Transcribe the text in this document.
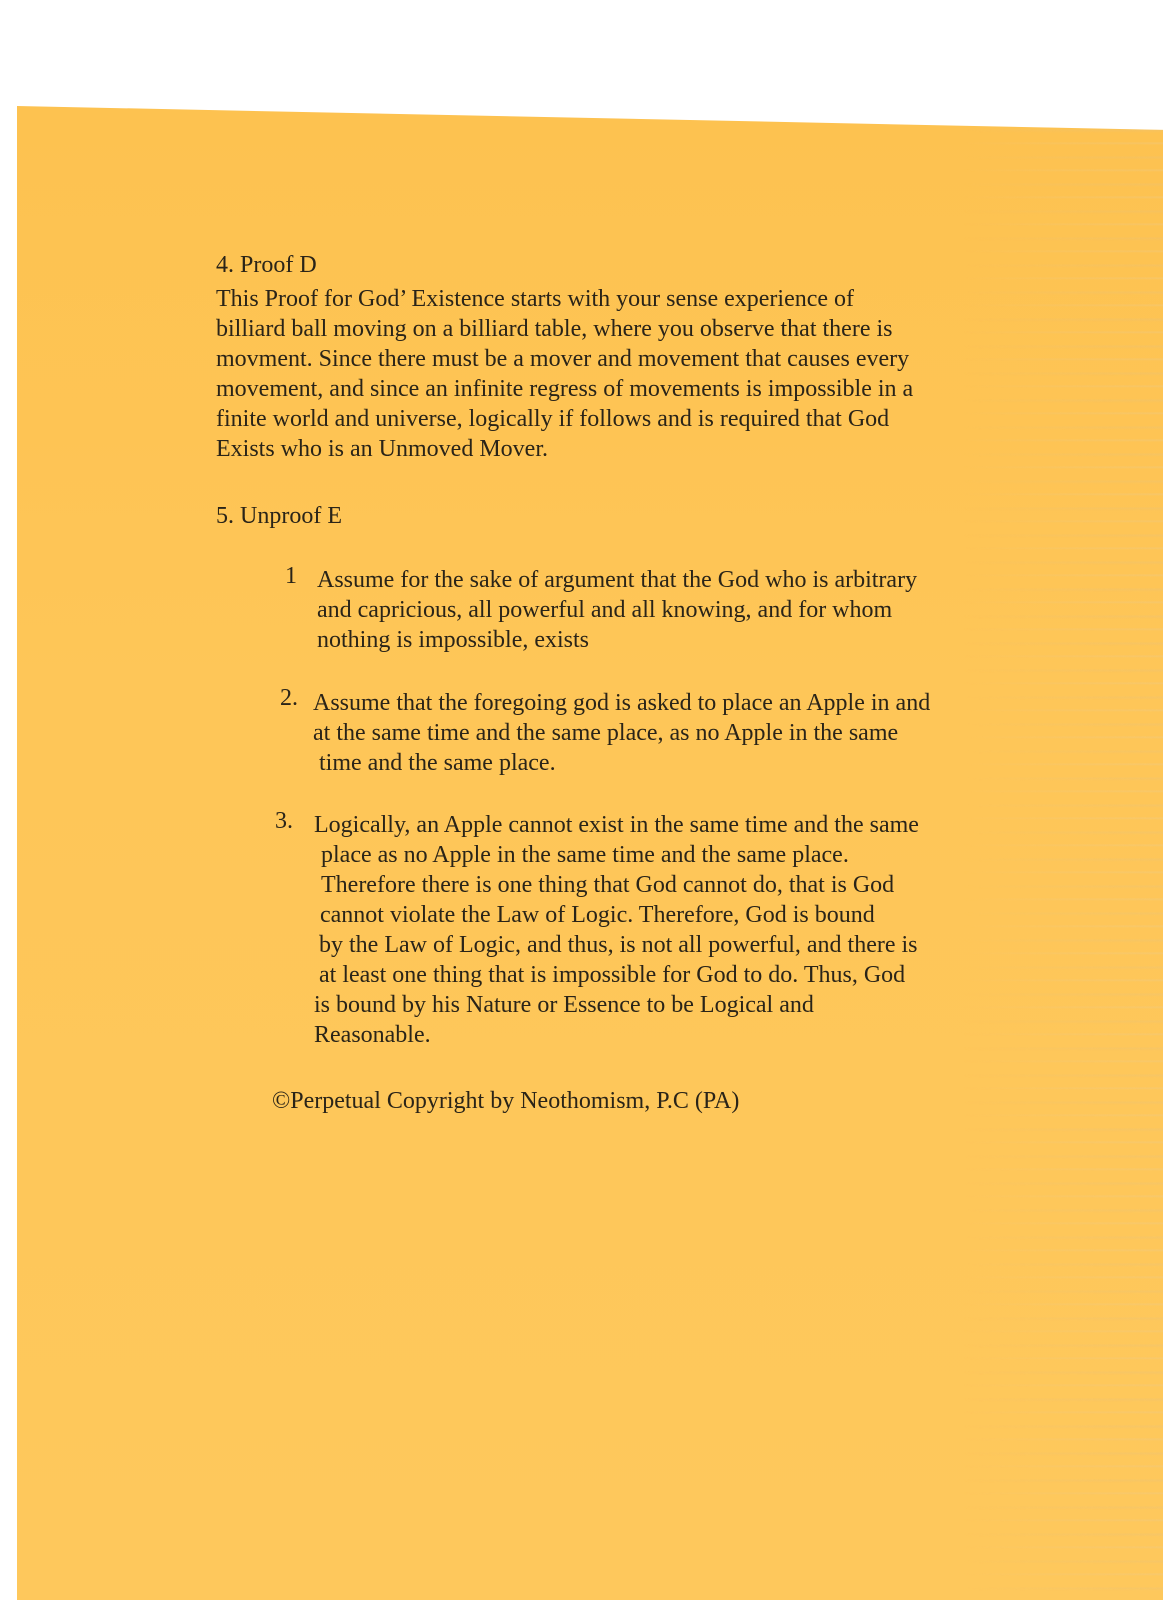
4. Proof D
This Proof for God’ Existence starts with your sense experience of
billiard ball moving on a billiard table, where you observe that there is
movment. Since there must be a mover and movement that causes every
movement, and since an infinite regress of movements is impossible in a
finite world and universe, logically if follows and is required that God
Exists who is an Unmoved Mover.
5. Unproof E
1 Assume for the sake of argument that the God who is arbitrary
and capricious, all powerful and all knowing, and for whom
nothing is impossible, exists
2. Assume that the foregoing god is asked to place an Apple in and
at the same time and the same place, as no Apple in the same
time and the same place.
3. Logically, an Apple cannot exist in the same time and the same
place as no Apple in the same time and the same place.
Therefore there is one thing that God cannot do, that is God
cannot violate the Law of Logic. Therefore, God is bound
by the Law of Logic, and thus, is not all powerful, and there is
at least one thing that is impossible for God to do. Thus, God
is bound by his Nature or Essence to be Logical and
Reasonable.
©Perpetual Copyright by Neothomism, P.C (PA)
